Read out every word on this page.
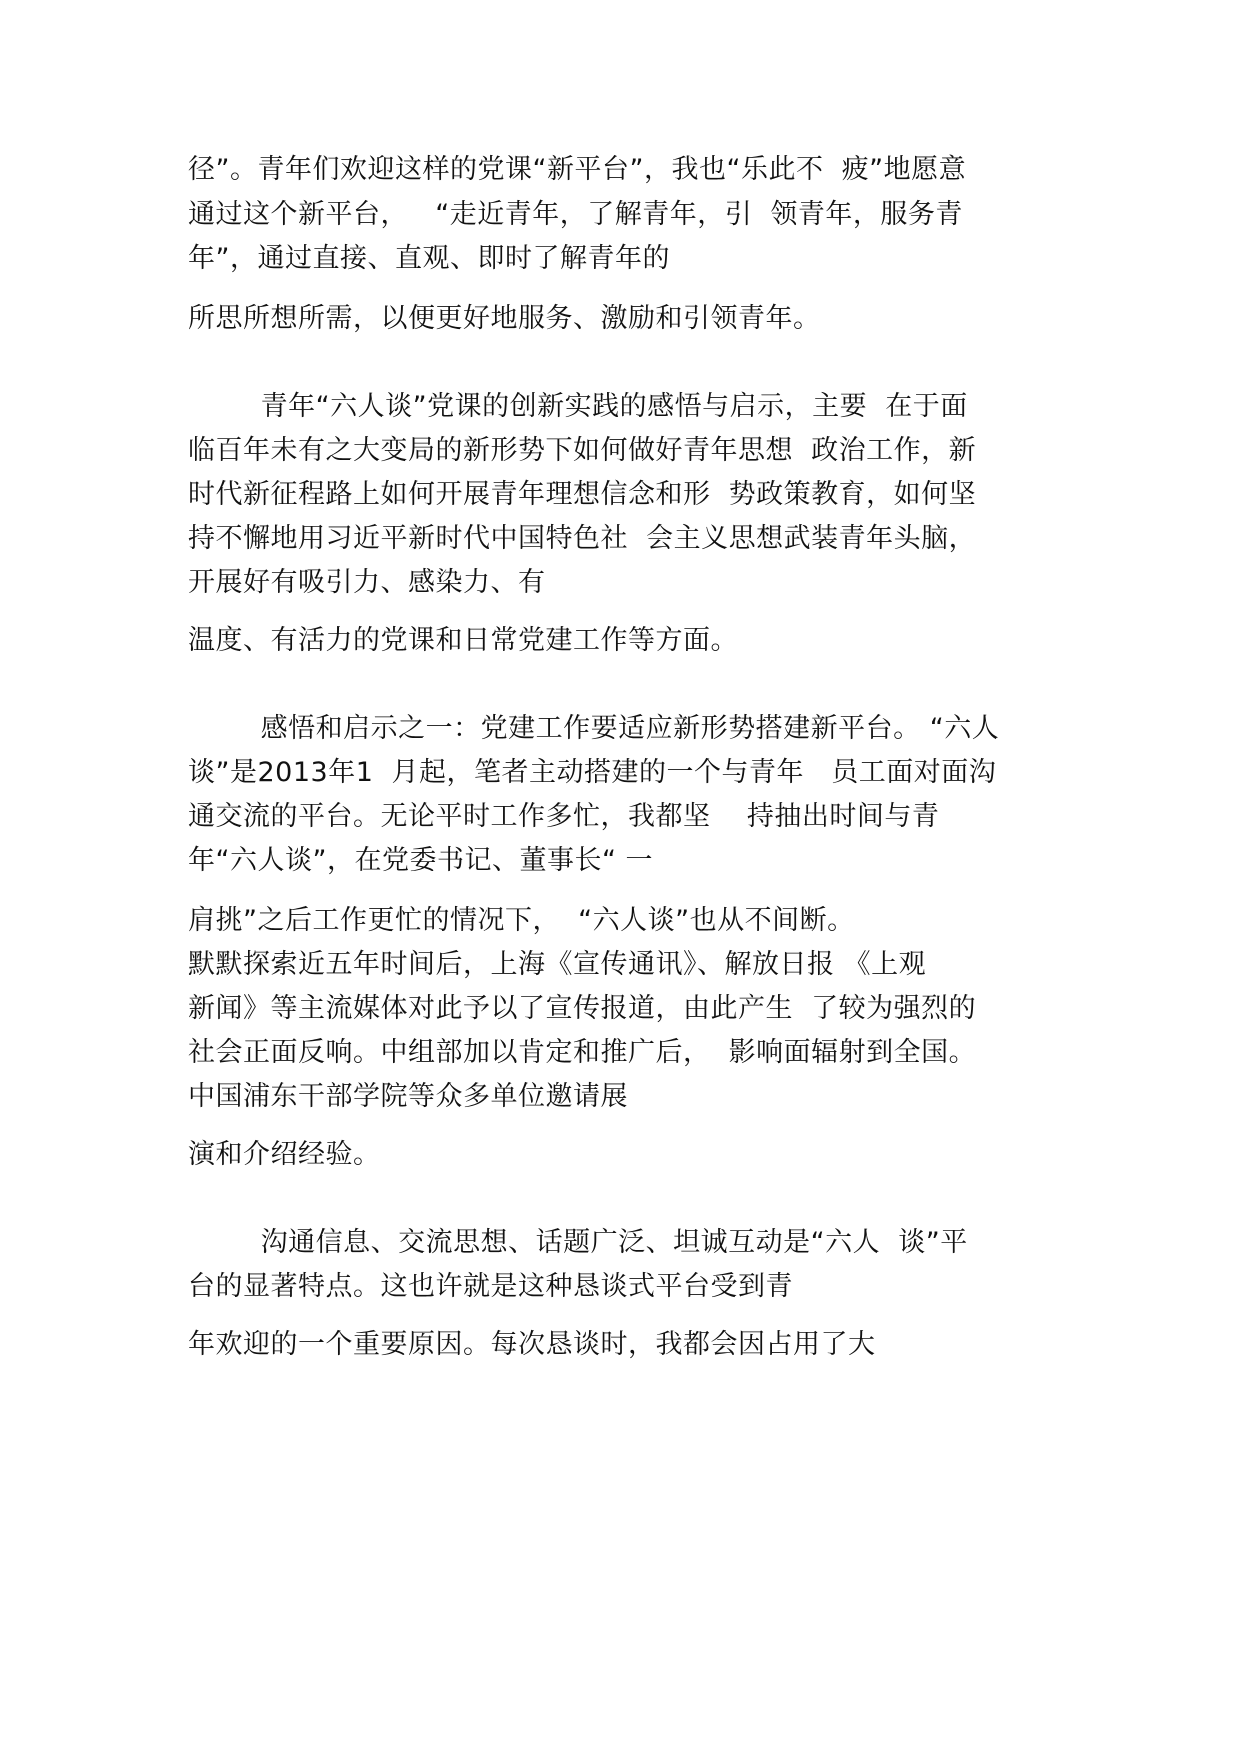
径”。青年们欢迎这样的党课“新平台”，我也“乐此不  疲”地愿意
通过这个新平台，   “走近青年，了解青年，引  领青年，服务青
年”，通过直接、直观、即时了解青年的
所思所想所需，以便更好地服务、激励和引领青年。
青年“六人谈”党课的创新实践的感悟与启示，主要  在于面
临百年未有之大变局的新形势下如何做好青年思想  政治工作，新
时代新征程路上如何开展青年理想信念和形  势政策教育，如何坚
持不懈地用习近平新时代中国特色社  会主义思想武装青年头脑，
开展好有吸引力、感染力、有
温度、有活力的党课和日常党建工作等方面。
感悟和启示之一：党建工作要适应新形势搭建新平台。 “六人
谈”是2013年1  月起，笔者主动搭建的一个与青年   员工面对面沟
通交流的平台。无论平时工作多忙，我都坚    持抽出时间与青
年“六人谈”，在党委书记、董事长“ 一
肩挑”之后工作更忙的情况下，  “六人谈”也从不间断。
默默探索近五年时间后，上海《宣传通讯》、解放日报 《上观
新闻》等主流媒体对此予以了宣传报道，由此产生  了较为强烈的
社会正面反响。中组部加以肯定和推广后，  影响面辐射到全国。
中国浦东干部学院等众多单位邀请展
演和介绍经验。
沟通信息、交流思想、话题广泛、坦诚互动是“六人  谈”平
台的显著特点。这也许就是这种恳谈式平台受到青
年欢迎的一个重要原因。每次恳谈时，我都会因占用了大
